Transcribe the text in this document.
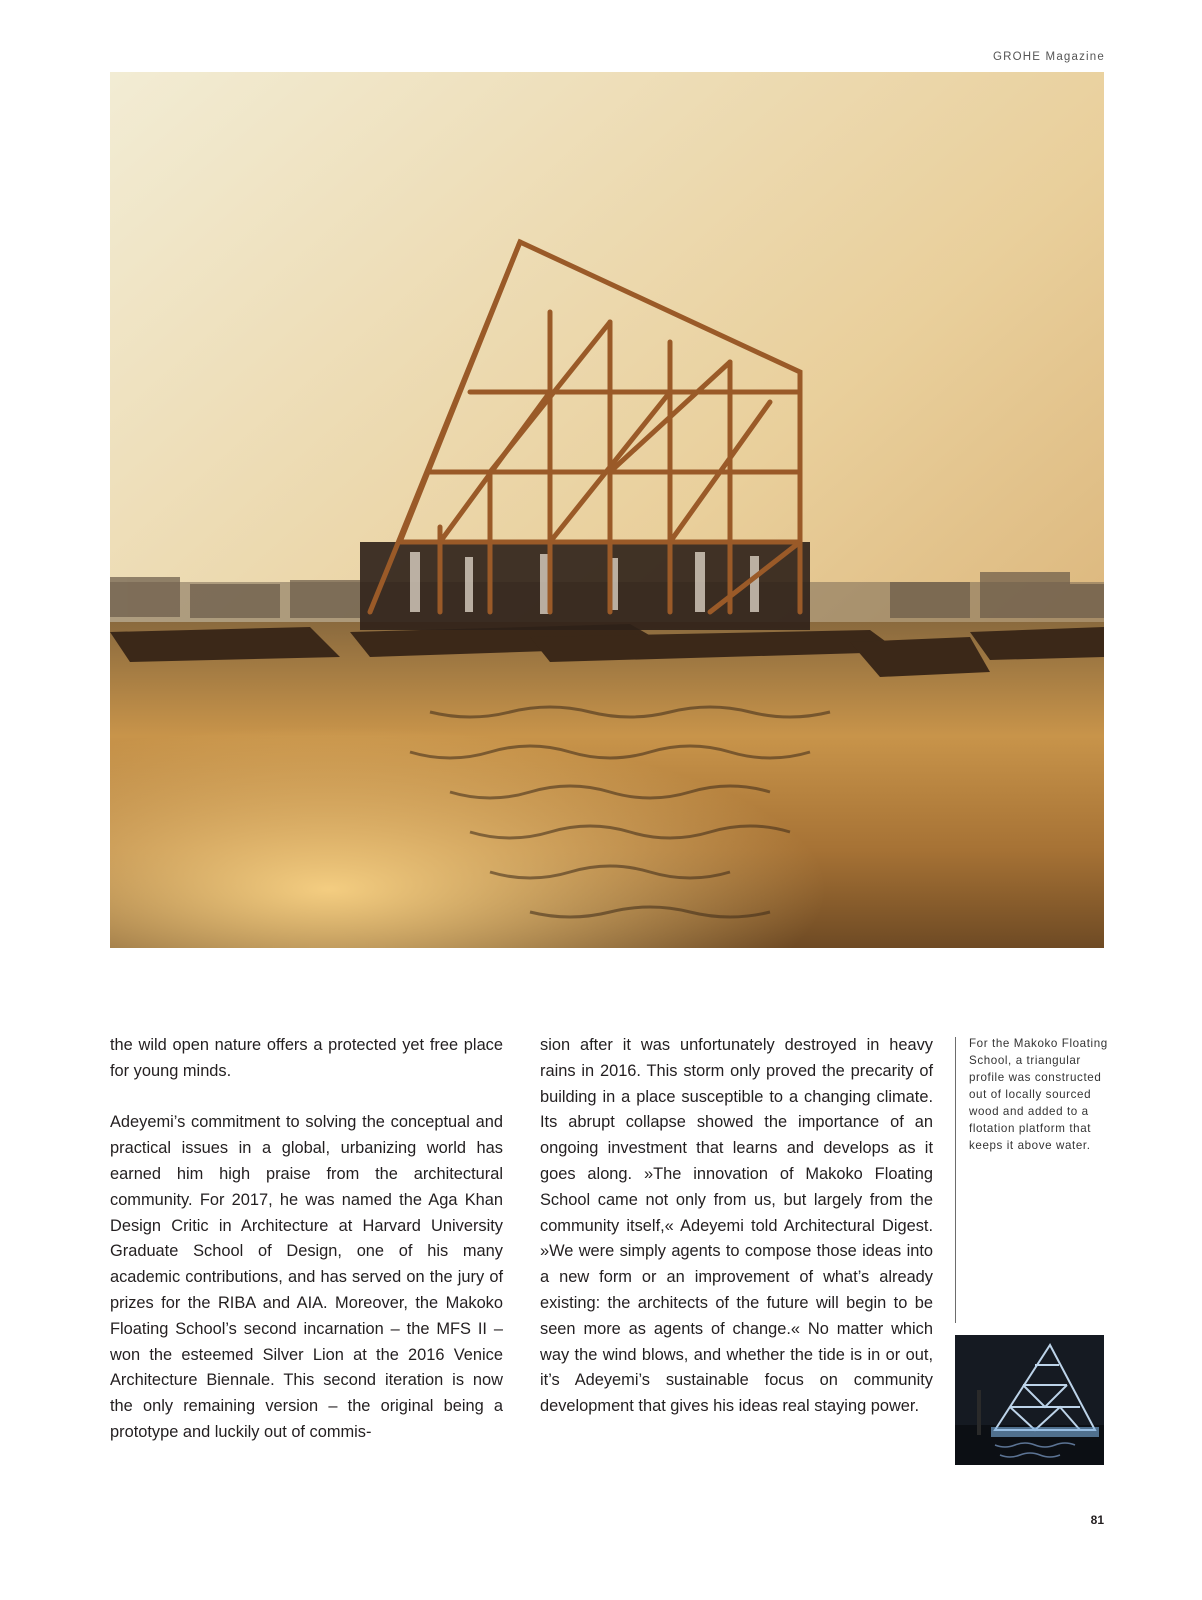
GROHE Magazine

the wild open nature offers a protected yet free place for young minds.

Adeyemi’s commitment to solving the conceptual and practical issues in a global, urbanizing world has earned him high praise from the architectural community. For 2017, he was named the Aga Khan Design Critic in Architecture at Harvard University Graduate School of Design, one of his many academic contributions, and has served on the jury of prizes for the RIBA and AIA. Moreover, the Makoko Floating School’s second incarnation – the MFS II – won the esteemed Silver Lion at the 2016 Venice Architecture Biennale. This second iteration is now the only remaining version – the original being a prototype and luckily out of commis-

sion after it was unfortunately destroyed in heavy rains in 2016. This storm only proved the precarity of building in a place susceptible to a changing climate. Its abrupt collapse showed the importance of an ongoing investment that learns and develops as it goes along. »The innovation of Makoko Floating School came not only from us, but largely from the community itself,« Adeyemi told Architectural Digest. »We were simply agents to compose those ideas into a new form or an improvement of what’s already existing: the architects of the future will begin to be seen more as agents of change.« No matter which way the wind blows, and whether the tide is in or out, it’s Adeyemi’s sustainable focus on community development that gives his ideas real staying power.

For the Makoko Floating School, a triangular profile was constructed out of locally sourced wood and added to a flotation platform that keeps it above water.
81
